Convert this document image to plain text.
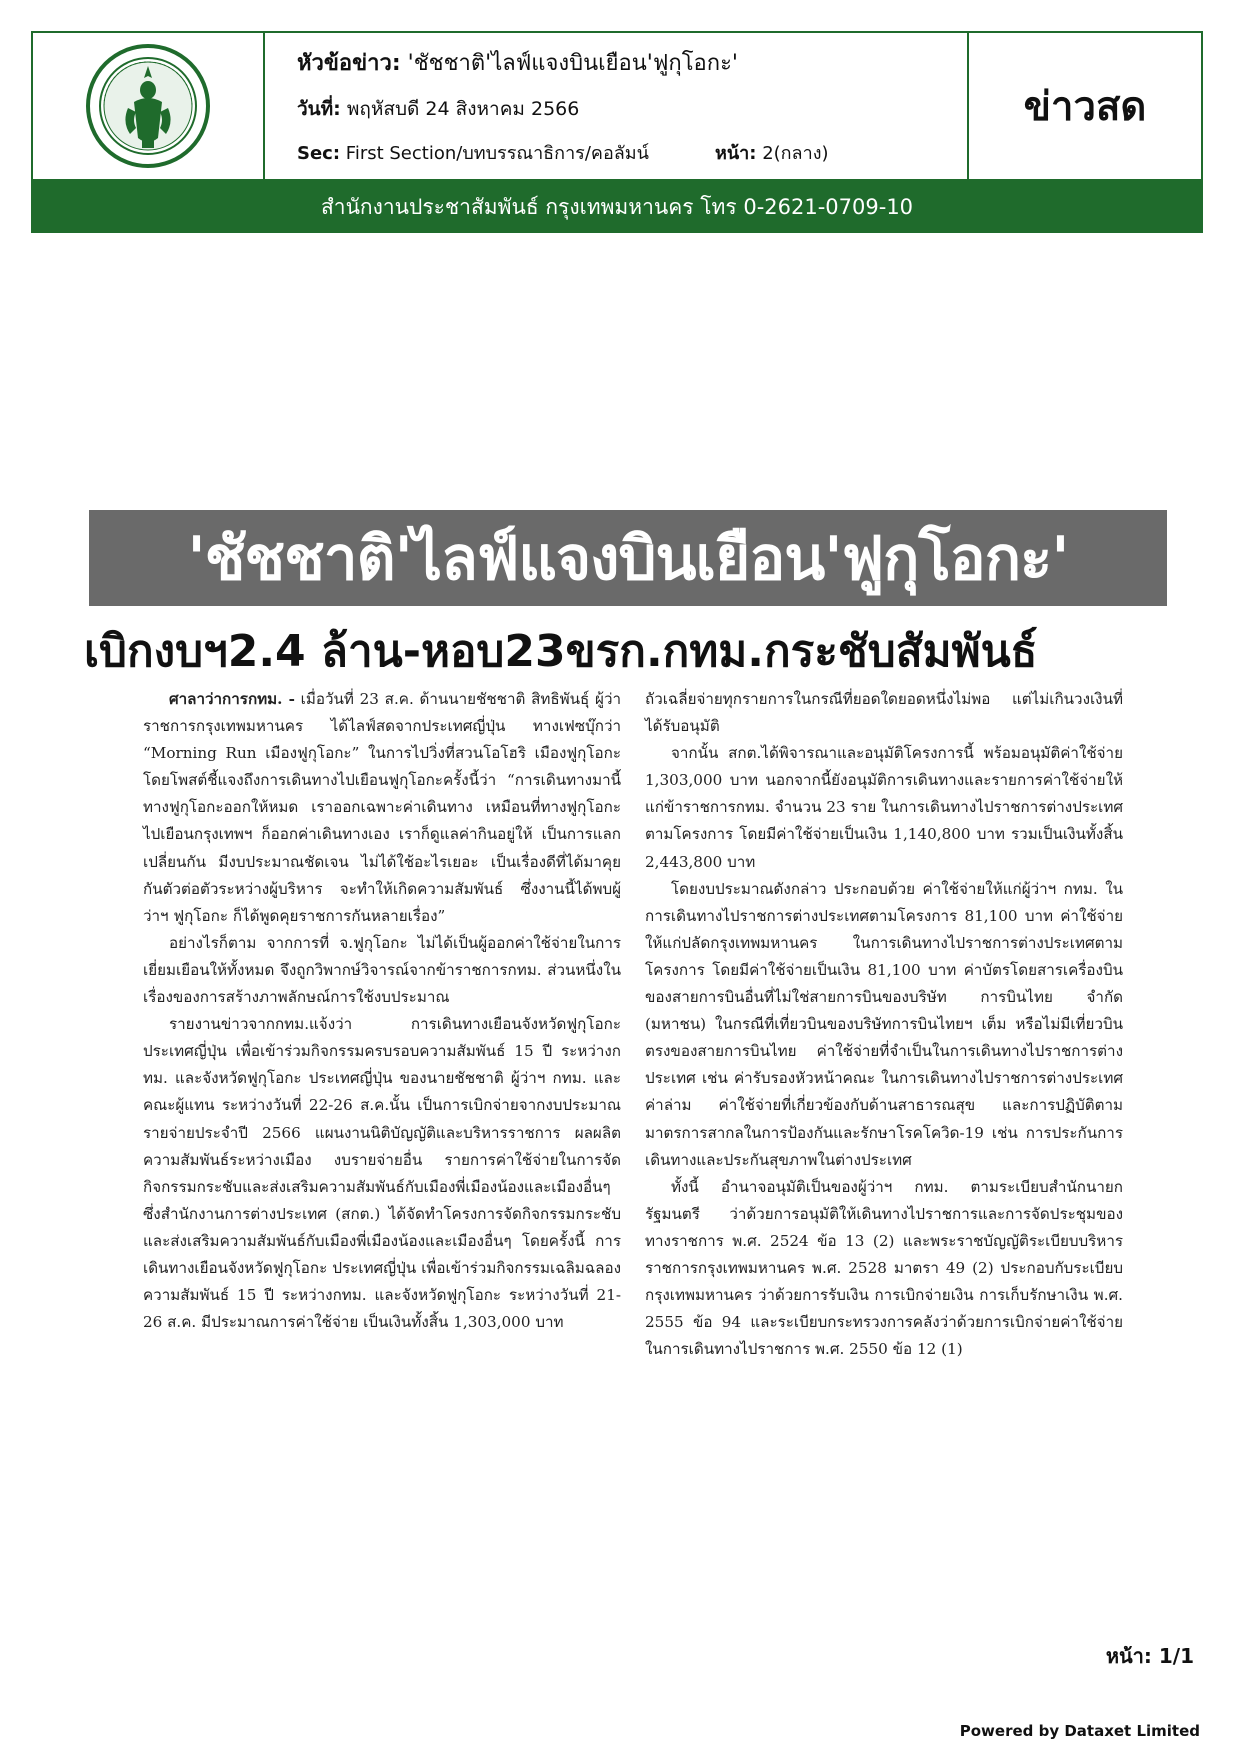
หัวข้อข่าว: 'ชัชชาติ'ไลฟ์แจงบินเยือน'ฟูกุโอกะ'
วันที่: พฤหัสบดี 24 สิงหาคม 2566
Sec: First Section/บทบรรณาธิการ/คอลัมน์	หน้า: 2(กลาง)
ข่าวสด
สำนักงานประชาสัมพันธ์ กรุงเทพมหานคร โทร 0-2621-0709-10
'ชัชชาติ'ไลฟ์แจงบินเยือน'ฟูกุโอกะ'
เบิกงบฯ2.4 ล้าน-หอบ23ขรก.กทม.กระชับสัมพันธ์

ศาลาว่าการกทม. - เมื่อวันที่ 23 ส.ค. ด้านนายชัชชาติ สิทธิพันธุ์ ผู้ว่าราชการกรุงเทพมหานคร ได้ไลฟ์สดจากประเทศญี่ปุ่น ทางเฟซบุ๊กว่า “Morning Run เมืองฟูกุโอกะ” ในการไปวิ่งที่สวนโอโฮริ เมืองฟูกุโอกะ โดยโพสต์ชี้แจงถึงการเดินทางไปเยือนฟูกุโอกะครั้งนี้ว่า “การเดินทางมานี้ทางฟูกุโอกะออกให้หมด เราออกเฉพาะค่าเดินทาง เหมือนที่ทางฟูกุโอกะไปเยือนกรุงเทพฯ ก็ออกค่าเดินทางเอง เราก็ดูแลค่ากินอยู่ให้ เป็นการแลกเปลี่ยนกัน มีงบประมาณชัดเจน ไม่ได้ใช้อะไรเยอะ เป็นเรื่องดีที่ได้มาคุยกันตัวต่อตัวระหว่างผู้บริหาร จะทำให้เกิดความสัมพันธ์ ซึ่งงานนี้ได้พบผู้ว่าฯ ฟูกุโอกะ ก็ได้พูดคุยราชการกันหลายเรื่อง”

อย่างไรก็ตาม จากการที่ จ.ฟูกุโอกะ ไม่ได้เป็นผู้ออกค่าใช้จ่ายในการเยี่ยมเยือนให้ทั้งหมด จึงถูกวิพากษ์วิจารณ์จากข้าราชการกทม. ส่วนหนึ่งในเรื่องของการสร้างภาพลักษณ์การใช้งบประมาณ

รายงานข่าวจากกทม.แจ้งว่า การเดินทางเยือนจังหวัดฟูกุโอกะ ประเทศญี่ปุ่น เพื่อเข้าร่วมกิจกรรมครบรอบความสัมพันธ์ 15 ปี ระหว่างกทม. และจังหวัดฟูกุโอกะ ประเทศญี่ปุ่น ของนายชัชชาติ ผู้ว่าฯ กทม. และคณะผู้แทน ระหว่างวันที่ 22-26 ส.ค.นั้น เป็นการเบิกจ่ายจากงบประมาณรายจ่ายประจำปี 2566 แผนงานนิติบัญญัติและบริหารราชการ ผลผลิตความสัมพันธ์ระหว่างเมือง งบรายจ่ายอื่น รายการค่าใช้จ่ายในการจัดกิจกรรมกระชับและส่งเสริมความสัมพันธ์กับเมืองพี่เมืองน้องและเมืองอื่นๆ ซึ่งสำนักงานการต่างประเทศ (สกต.) ได้จัดทำโครงการจัดกิจกรรมกระชับและส่งเสริมความสัมพันธ์กับเมืองพี่เมืองน้องและเมืองอื่นๆ โดยครั้งนี้ การเดินทางเยือนจังหวัดฟูกุโอกะ ประเทศญี่ปุ่น เพื่อเข้าร่วมกิจกรรมเฉลิมฉลองความสัมพันธ์ 15 ปี ระหว่างกทม. และจังหวัดฟูกุโอกะ ระหว่างวันที่ 21-26 ส.ค. มีประมาณการค่าใช้จ่าย เป็นเงินทั้งสิ้น 1,303,000 บาท

ถัวเฉลี่ยจ่ายทุกรายการในกรณีที่ยอดใดยอดหนึ่งไม่พอ แต่ไม่เกินวงเงินที่ได้รับอนุมัติ

จากนั้น สกต.ได้พิจารณาและอนุมัติโครงการนี้ พร้อมอนุมัติค่าใช้จ่าย 1,303,000 บาท นอกจากนี้ยังอนุมัติการเดินทางและรายการค่าใช้จ่ายให้แก่ข้าราชการกทม. จำนวน 23 ราย ในการเดินทางไปราชการต่างประเทศตามโครงการ โดยมีค่าใช้จ่ายเป็นเงิน 1,140,800 บาท รวมเป็นเงินทั้งสิ้น 2,443,800 บาท

โดยงบประมาณดังกล่าว ประกอบด้วย ค่าใช้จ่ายให้แก่ผู้ว่าฯ กทม. ในการเดินทางไปราชการต่างประเทศตามโครงการ 81,100 บาท ค่าใช้จ่ายให้แก่ปลัดกรุงเทพมหานคร ในการเดินทางไปราชการต่างประเทศตามโครงการ โดยมีค่าใช้จ่ายเป็นเงิน 81,100 บาท ค่าบัตรโดยสารเครื่องบินของสายการบินอื่นที่ไม่ใช่สายการบินของบริษัท การบินไทย จำกัด (มหาชน) ในกรณีที่เที่ยวบินของบริษัทการบินไทยฯ เต็ม หรือไม่มีเที่ยวบินตรงของสายการบินไทย ค่าใช้จ่ายที่จำเป็นในการเดินทางไปราชการต่างประเทศ เช่น ค่ารับรองหัวหน้าคณะ ในการเดินทางไปราชการต่างประเทศ ค่าล่าม ค่าใช้จ่ายที่เกี่ยวข้องกับด้านสาธารณสุข และการปฏิบัติตามมาตรการสากลในการป้องกันและรักษาโรคโควิด-19 เช่น การประกันการเดินทางและประกันสุขภาพในต่างประเทศ

ทั้งนี้ อำนาจอนุมัติเป็นของผู้ว่าฯ กทม. ตามระเบียบสำนักนายกรัฐมนตรี ว่าด้วยการอนุมัติให้เดินทางไปราชการและการจัดประชุมของทางราชการ พ.ศ. 2524 ข้อ 13 (2) และพระราชบัญญัติระเบียบบริหารราชการกรุงเทพมหานคร พ.ศ. 2528 มาตรา 49 (2) ประกอบกับระเบียบกรุงเทพมหานคร ว่าด้วยการรับเงิน การเบิกจ่ายเงิน การเก็บรักษาเงิน พ.ศ. 2555 ข้อ 94 และระเบียบกระทรวงการคลังว่าด้วยการเบิกจ่ายค่าใช้จ่ายในการเดินทางไปราชการ พ.ศ. 2550 ข้อ 12 (1)

หน้า: 1/1
Powered by Dataxet Limited
